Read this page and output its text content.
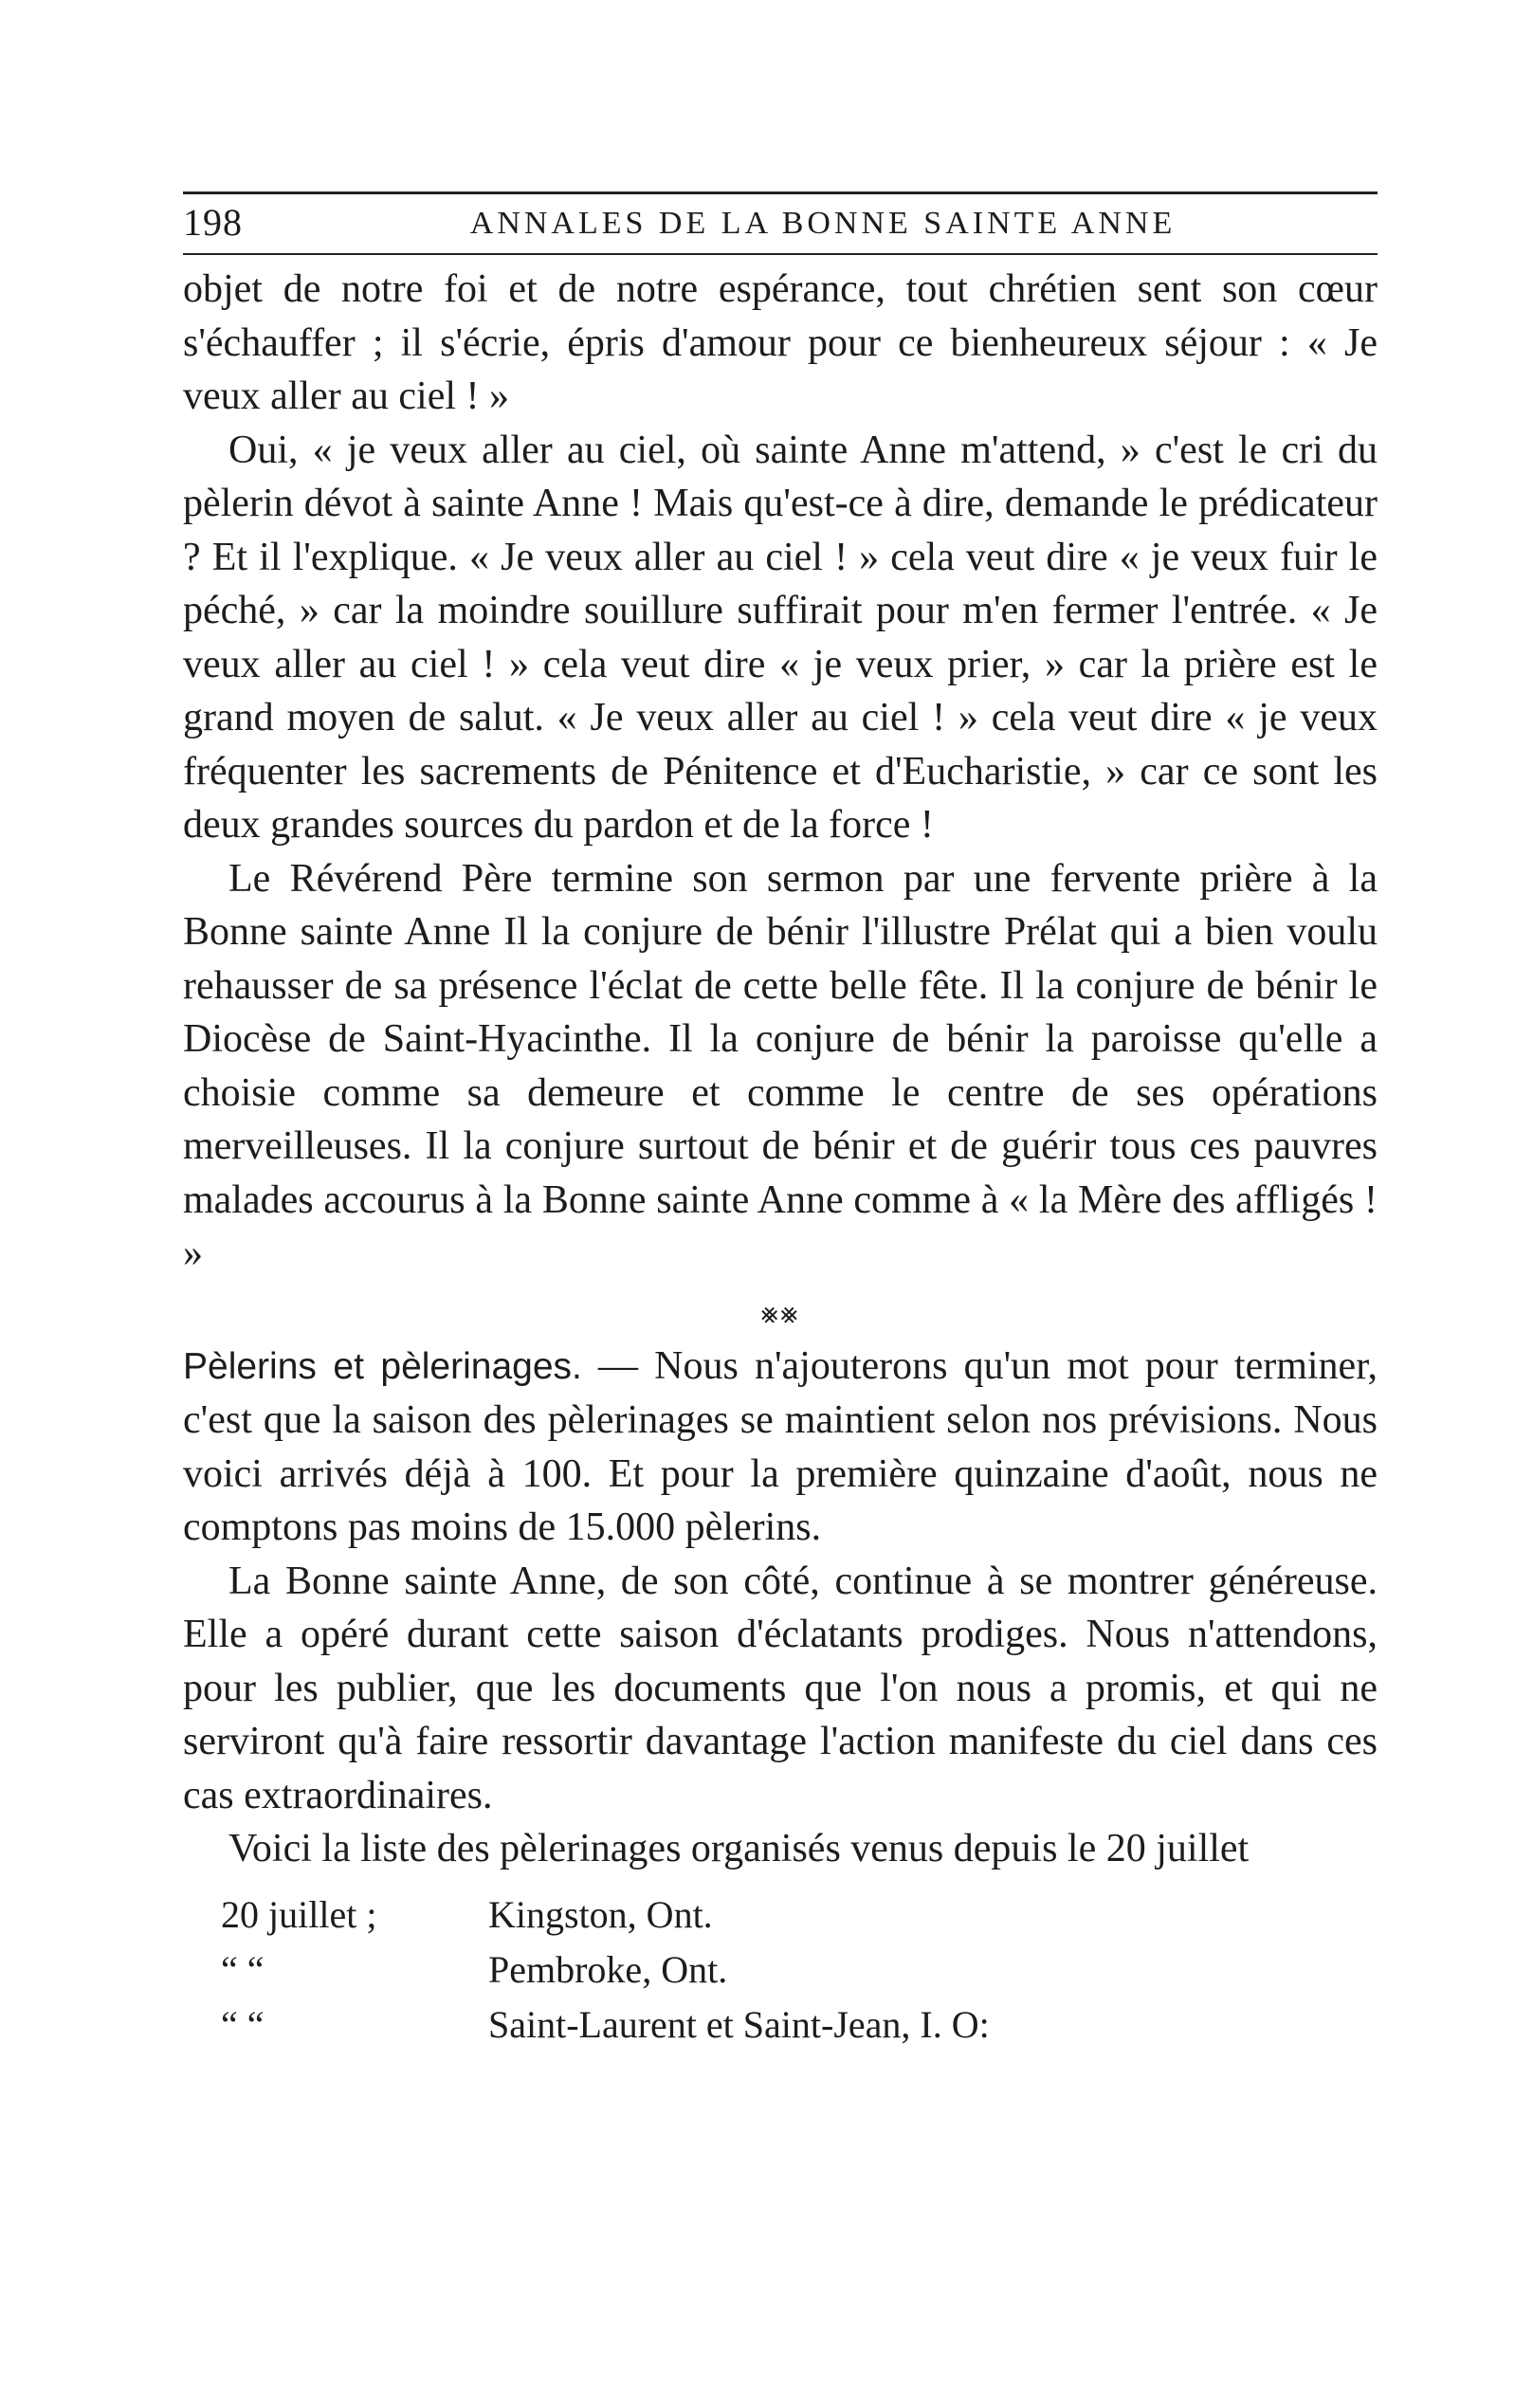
198	ANNALES DE LA BONNE SAINTE ANNE

objet de notre foi et de notre espérance, tout chrétien sent son cœur s'échauffer ; il s'écrie, épris d'amour pour ce bienheureux séjour : « Je veux aller au ciel ! »

Oui, « je veux aller au ciel, où sainte Anne m'attend, » c'est le cri du pèlerin dévot à sainte Anne ! Mais qu'est-ce à dire, demande le prédicateur ? Et il l'explique. « Je veux aller au ciel ! » cela veut dire « je veux fuir le péché, » car la moindre souillure suffirait pour m'en fermer l'entrée. « Je veux aller au ciel ! » cela veut dire « je veux prier, » car la prière est le grand moyen de salut. « Je veux aller au ciel ! » cela veut dire « je veux fréquenter les sacrements de Pénitence et d'Eucharistie, » car ce sont les deux grandes sources du pardon et de la force !

Le Révérend Père termine son sermon par une fervente prière à la Bonne sainte Anne Il la conjure de bénir l'illustre Prélat qui a bien voulu rehausser de sa présence l'éclat de cette belle fête. Il la conjure de bénir le Diocèse de Saint-Hyacinthe. Il la conjure de bénir la paroisse qu'elle a choisie comme sa demeure et comme le centre de ses opérations merveilleuses. Il la conjure surtout de bénir et de guérir tous ces pauvres malades accourus à la Bonne sainte Anne comme à « la Mère des affligés ! »

⨳⨳

Pèlerins et pèlerinages. — Nous n'ajouterons qu'un mot pour terminer, c'est que la saison des pèlerinages se maintient selon nos prévisions. Nous voici arrivés déjà à 100. Et pour la première quinzaine d'août, nous ne comptons pas moins de 15.000 pèlerins.

La Bonne sainte Anne, de son côté, continue à se montrer généreuse. Elle a opéré durant cette saison d'éclatants prodiges. Nous n'attendons, pour les publier, que les documents que l'on nous a promis, et qui ne serviront qu'à faire ressortir davantage l'action manifeste du ciel dans ces cas extraordinaires.

Voici la liste des pèlerinages organisés venus depuis le 20 juillet

20 juillet ;	Kingston, Ont.
“ “	Pembroke, Ont.
“ “	Saint-Laurent et Saint-Jean, I. O:
